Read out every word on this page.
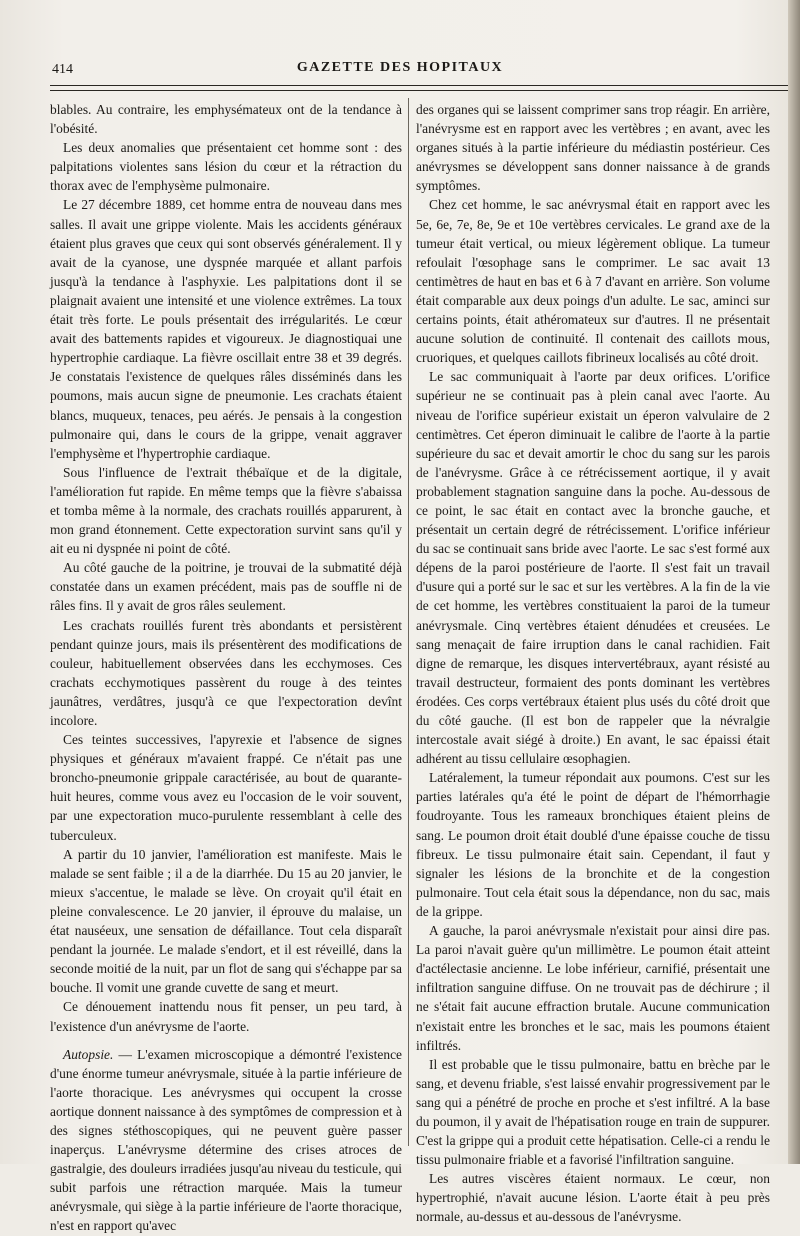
414	GAZETTE DES HOPITAUX

blables. Au contraire, les emphysémateux ont de la tendance à l'obésité.

Les deux anomalies que présentaient cet homme sont : des palpitations violentes sans lésion du cœur et la rétraction du thorax avec de l'emphysème pulmonaire.

Le 27 décembre 1889, cet homme entra de nouveau dans mes salles. Il avait une grippe violente. Mais les accidents généraux étaient plus graves que ceux qui sont observés généralement. Il y avait de la cyanose, une dyspnée marquée et allant parfois jusqu'à la tendance à l'asphyxie. Les palpitations dont il se plaignait avaient une intensité et une violence extrêmes. La toux était très forte. Le pouls présentait des irrégularités. Le cœur avait des battements rapides et vigoureux. Je diagnostiquai une hypertrophie cardiaque. La fièvre oscillait entre 38 et 39 degrés. Je constatais l'existence de quelques râles disséminés dans les poumons, mais aucun signe de pneumonie. Les crachats étaient blancs, muqueux, tenaces, peu aérés. Je pensais à la congestion pulmonaire qui, dans le cours de la grippe, venait aggraver l'emphysème et l'hypertrophie cardiaque.

Sous l'influence de l'extrait thébaïque et de la digitale, l'amélioration fut rapide. En même temps que la fièvre s'abaissa et tomba même à la normale, des crachats rouillés apparurent, à mon grand étonnement. Cette expectoration survint sans qu'il y ait eu ni dyspnée ni point de côté.

Au côté gauche de la poitrine, je trouvai de la submatité déjà constatée dans un examen précédent, mais pas de souffle ni de râles fins. Il y avait de gros râles seulement.

Les crachats rouillés furent très abondants et persistèrent pendant quinze jours, mais ils présentèrent des modifications de couleur, habituellement observées dans les ecchymoses. Ces crachats ecchymotiques passèrent du rouge à des teintes jaunâtres, verdâtres, jusqu'à ce que l'expectoration devînt incolore.

Ces teintes successives, l'apyrexie et l'absence de signes physiques et généraux m'avaient frappé. Ce n'était pas une broncho-pneumonie grippale caractérisée, au bout de quarante-huit heures, comme vous avez eu l'occasion de le voir souvent, par une expectoration muco-purulente ressemblant à celle des tuberculeux.

A partir du 10 janvier, l'amélioration est manifeste. Mais le malade se sent faible ; il a de la diarrhée. Du 15 au 20 janvier, le mieux s'accentue, le malade se lève. On croyait qu'il était en pleine convalescence. Le 20 janvier, il éprouve du malaise, un état nauséeux, une sensation de défaillance. Tout cela disparaît pendant la journée. Le malade s'endort, et il est réveillé, dans la seconde moitié de la nuit, par un flot de sang qui s'échappe par sa bouche. Il vomit une grande cuvette de sang et meurt.

Ce dénouement inattendu nous fit penser, un peu tard, à l'existence d'un anévrysme de l'aorte.

Autopsie. — L'examen microscopique a démontré l'existence d'une énorme tumeur anévrysmale, située à la partie inférieure de l'aorte thoracique. Les anévrysmes qui occupent la crosse aortique donnent naissance à des symptômes de compression et à des signes stéthoscopiques, qui ne peuvent guère passer inaperçus. L'anévrysme détermine des crises atroces de gastralgie, des douleurs irradiées jusqu'au niveau du testicule, qui subit parfois une rétraction marquée. Mais la tumeur anévrysmale, qui siège à la partie inférieure de l'aorte thoracique, n'est en rapport qu'avec

des organes qui se laissent comprimer sans trop réagir. En arrière, l'anévrysme est en rapport avec les vertèbres ; en avant, avec les organes situés à la partie inférieure du médiastin postérieur. Ces anévrysmes se développent sans donner naissance à de grands symptômes.

Chez cet homme, le sac anévrysmal était en rapport avec les 5e, 6e, 7e, 8e, 9e et 10e vertèbres cervicales. Le grand axe de la tumeur était vertical, ou mieux légèrement oblique. La tumeur refoulait l'œsophage sans le comprimer. Le sac avait 13 centimètres de haut en bas et 6 à 7 d'avant en arrière. Son volume était comparable aux deux poings d'un adulte. Le sac, aminci sur certains points, était athéromateux sur d'autres. Il ne présentait aucune solution de continuité. Il contenait des caillots mous, cruoriques, et quelques caillots fibrineux localisés au côté droit.

Le sac communiquait à l'aorte par deux orifices. L'orifice supérieur ne se continuait pas à plein canal avec l'aorte. Au niveau de l'orifice supérieur existait un éperon valvulaire de 2 centimètres. Cet éperon diminuait le calibre de l'aorte à la partie supérieure du sac et devait amortir le choc du sang sur les parois de l'anévrysme. Grâce à ce rétrécissement aortique, il y avait probablement stagnation sanguine dans la poche. Au-dessous de ce point, le sac était en contact avec la bronche gauche, et présentait un certain degré de rétrécissement. L'orifice inférieur du sac se continuait sans bride avec l'aorte. Le sac s'est formé aux dépens de la paroi postérieure de l'aorte. Il s'est fait un travail d'usure qui a porté sur le sac et sur les vertèbres. A la fin de la vie de cet homme, les vertèbres constituaient la paroi de la tumeur anévrysmale. Cinq vertèbres étaient dénudées et creusées. Le sang menaçait de faire irruption dans le canal rachidien. Fait digne de remarque, les disques intervertébraux, ayant résisté au travail destructeur, formaient des ponts dominant les vertèbres érodées. Ces corps vertébraux étaient plus usés du côté droit que du côté gauche. (Il est bon de rappeler que la névralgie intercostale avait siégé à droite.) En avant, le sac épaissi était adhérent au tissu cellulaire œsophagien.

Latéralement, la tumeur répondait aux poumons. C'est sur les parties latérales qu'a été le point de départ de l'hémorrhagie foudroyante. Tous les rameaux bronchiques étaient pleins de sang. Le poumon droit était doublé d'une épaisse couche de tissu fibreux. Le tissu pulmonaire était sain. Cependant, il faut y signaler les lésions de la bronchite et de la congestion pulmonaire. Tout cela était sous la dépendance, non du sac, mais de la grippe.

A gauche, la paroi anévrysmale n'existait pour ainsi dire pas. La paroi n'avait guère qu'un millimètre. Le poumon était atteint d'actélectasie ancienne. Le lobe inférieur, carnifié, présentait une infiltration sanguine diffuse. On ne trouvait pas de déchirure ; il ne s'était fait aucune effraction brutale. Aucune communication n'existait entre les bronches et le sac, mais les poumons étaient infiltrés.

Il est probable que le tissu pulmonaire, battu en brèche par le sang, et devenu friable, s'est laissé envahir progressivement par le sang qui a pénétré de proche en proche et s'est infiltré. A la base du poumon, il y avait de l'hépatisation rouge en train de suppurer. C'est la grippe qui a produit cette hépatisation. Celle-ci a rendu le tissu pulmonaire friable et a favorisé l'infiltration sanguine.

Les autres viscères étaient normaux. Le cœur, non hypertrophié, n'avait aucune lésion. L'aorte était à peu près normale, au-dessus et au-dessous de l'anévrysme.
